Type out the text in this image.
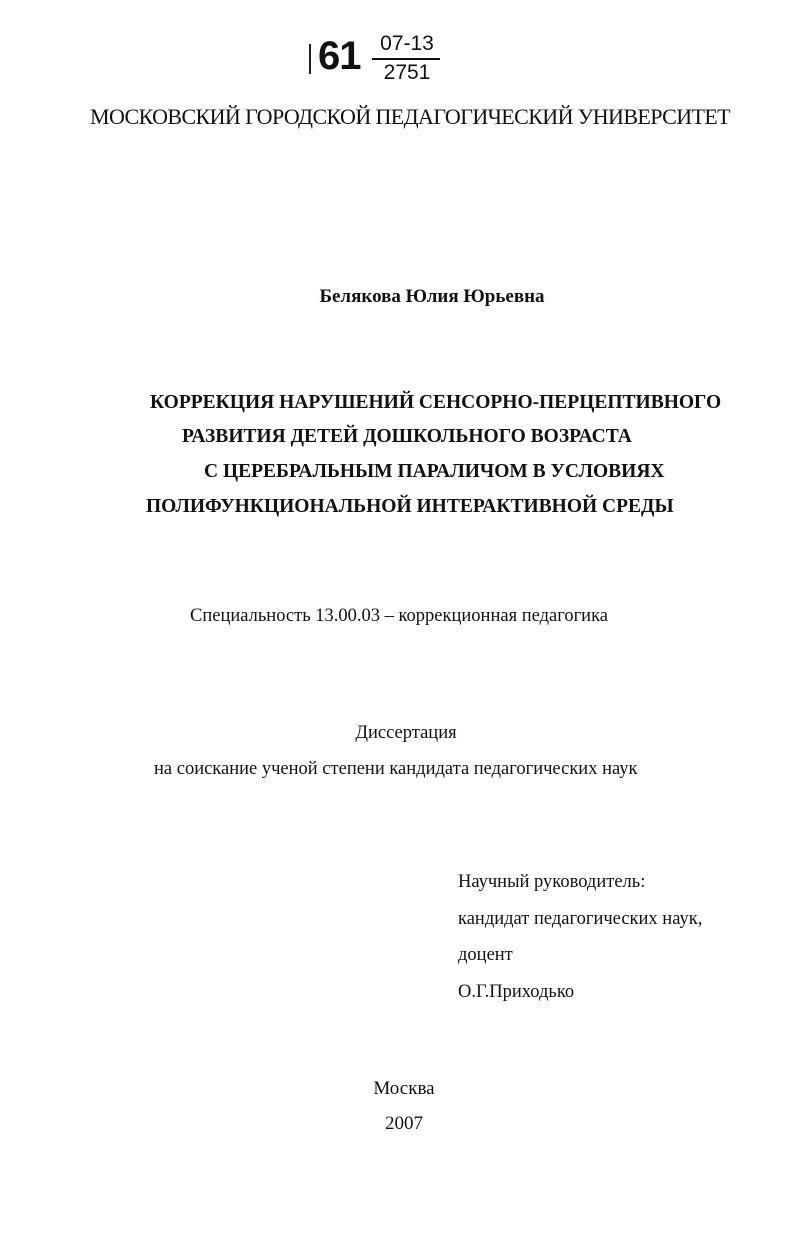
61 07-13
2751
МОСКОВСКИЙ ГОРОДСКОЙ ПЕДАГОГИЧЕСКИЙ УНИВЕРСИТЕТ
Белякова Юлия Юрьевна
КОРРЕКЦИЯ НАРУШЕНИЙ СЕНСОРНО-ПЕРЦЕПТИВНОГО
РАЗВИТИЯ ДЕТЕЙ ДОШКОЛЬНОГО ВОЗРАСТА
С ЦЕРЕБРАЛЬНЫМ ПАРАЛИЧОМ В УСЛОВИЯХ
ПОЛИФУНКЦИОНАЛЬНОЙ ИНТЕРАКТИВНОЙ СРЕДЫ
Специальность 13.00.03 – коррекционная педагогика
Диссертация
на соискание ученой степени кандидата педагогических наук
Научный руководитель:
кандидат педагогических наук,
доцент
О.Г.Приходько
Москва
2007
